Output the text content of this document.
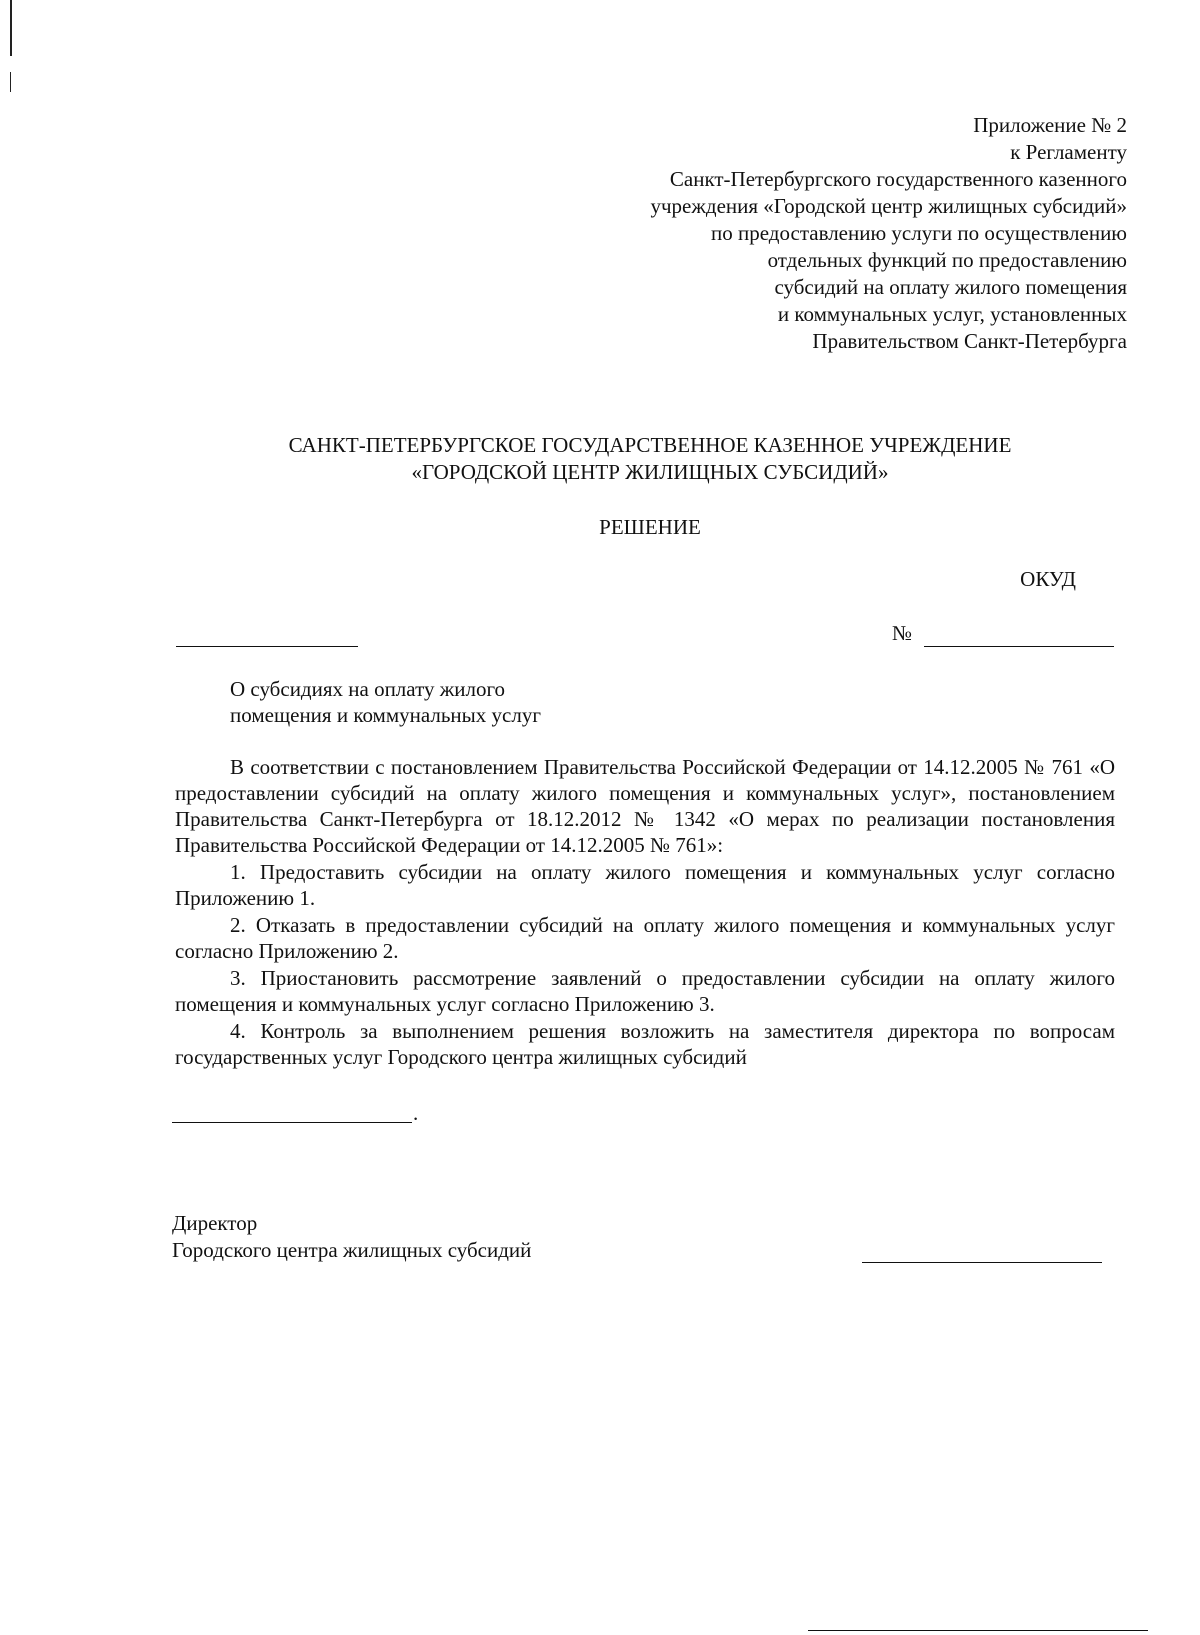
Приложение № 2
к Регламенту
Санкт-Петербургского государственного казенного
учреждения «Городской центр жилищных субсидий»
по предоставлению услуги по осуществлению
отдельных функций по предоставлению
субсидий на оплату жилого помещения
и коммунальных услуг, установленных
Правительством Санкт-Петербурга
САНКТ-ПЕТЕРБУРГСКОЕ ГОСУДАРСТВЕННОЕ КАЗЕННОЕ УЧРЕЖДЕНИЕ
«ГОРОДСКОЙ ЦЕНТР ЖИЛИЩНЫХ СУБСИДИЙ»
РЕШЕНИЕ
ОКУД
№
О субсидиях на оплату жилого
помещения и коммунальных услуг

В соответствии с постановлением Правительства Российской Федерации от 14.12.2005 № 761 «О предоставлении субсидий на оплату жилого помещения и коммунальных услуг», постановлением Правительства Санкт-Петербурга от 18.12.2012 № 1342 «О мерах по реализации постановления Правительства Российской Федерации от 14.12.2005 № 761»:

1. Предоставить субсидии на оплату жилого помещения и коммунальных услуг согласно Приложению 1.

2. Отказать в предоставлении субсидий на оплату жилого помещения и коммунальных услуг согласно Приложению 2.

3. Приостановить рассмотрение заявлений о предоставлении субсидии на оплату жилого помещения и коммунальных услуг согласно Приложению 3.

4. Контроль за выполнением решения возложить на заместителя директора по вопросам государственных услуг Городского центра жилищных субсидий

.
Директор
Городского центра жилищных субсидий
